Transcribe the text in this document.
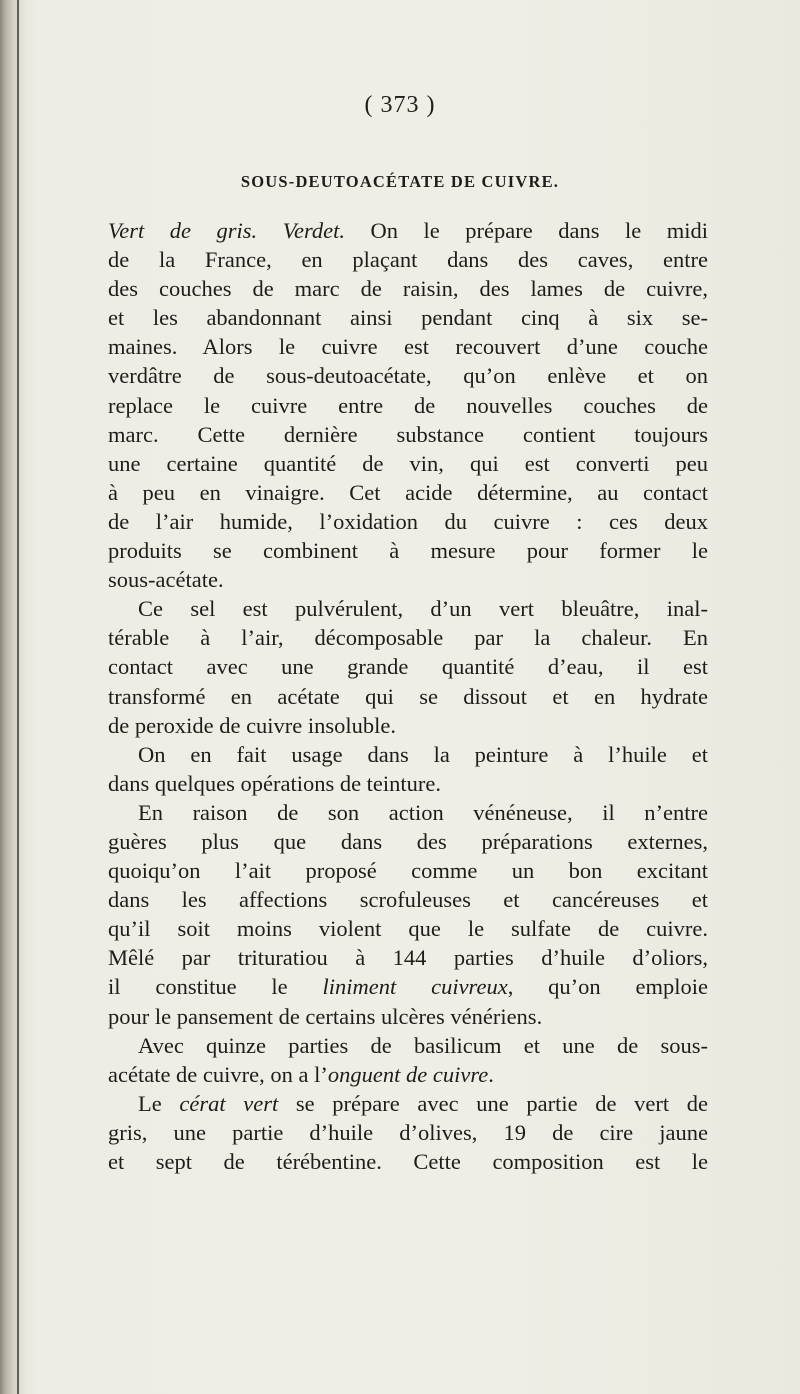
( 373 )
SOUS-DEUTOACÉTATE DE CUIVRE.
Vert de gris. Verdet. On le prépare dans le midi
de la France, en plaçant dans des caves, entre
des couches de marc de raisin, des lames de cuivre,
et les abandonnant ainsi pendant cinq à six se-
maines. Alors le cuivre est recouvert d’une couche
verdâtre de sous-deutoacétate, qu’on enlève et on
replace le cuivre entre de nouvelles couches de
marc. Cette dernière substance contient toujours
une certaine quantité de vin, qui est converti peu
à peu en vinaigre. Cet acide détermine, au contact
de l’air humide, l’oxidation du cuivre : ces deux
produits se combinent à mesure pour former le
sous-acétate.
Ce sel est pulvérulent, d’un vert bleuâtre, inal-
térable à l’air, décomposable par la chaleur. En
contact avec une grande quantité d’eau, il est
transformé en acétate qui se dissout et en hydrate
de peroxide de cuivre insoluble.
On en fait usage dans la peinture à l’huile et
dans quelques opérations de teinture.
En raison de son action vénéneuse, il n’entre
guères plus que dans des préparations externes,
quoiqu’on l’ait proposé comme un bon excitant
dans les affections scrofuleuses et cancéreuses et
qu’il soit moins violent que le sulfate de cuivre.
Mêlé par trituratiou à 144 parties d’huile d’oliors,
il constitue le liniment cuivreux, qu’on emploie
pour le pansement de certains ulcères vénériens.
Avec quinze parties de basilicum et une de sous-
acétate de cuivre, on a l’onguent de cuivre.
Le cérat vert se prépare avec une partie de vert de
gris, une partie d’huile d’olives, 19 de cire jaune
et sept de térébentine. Cette composition est le
